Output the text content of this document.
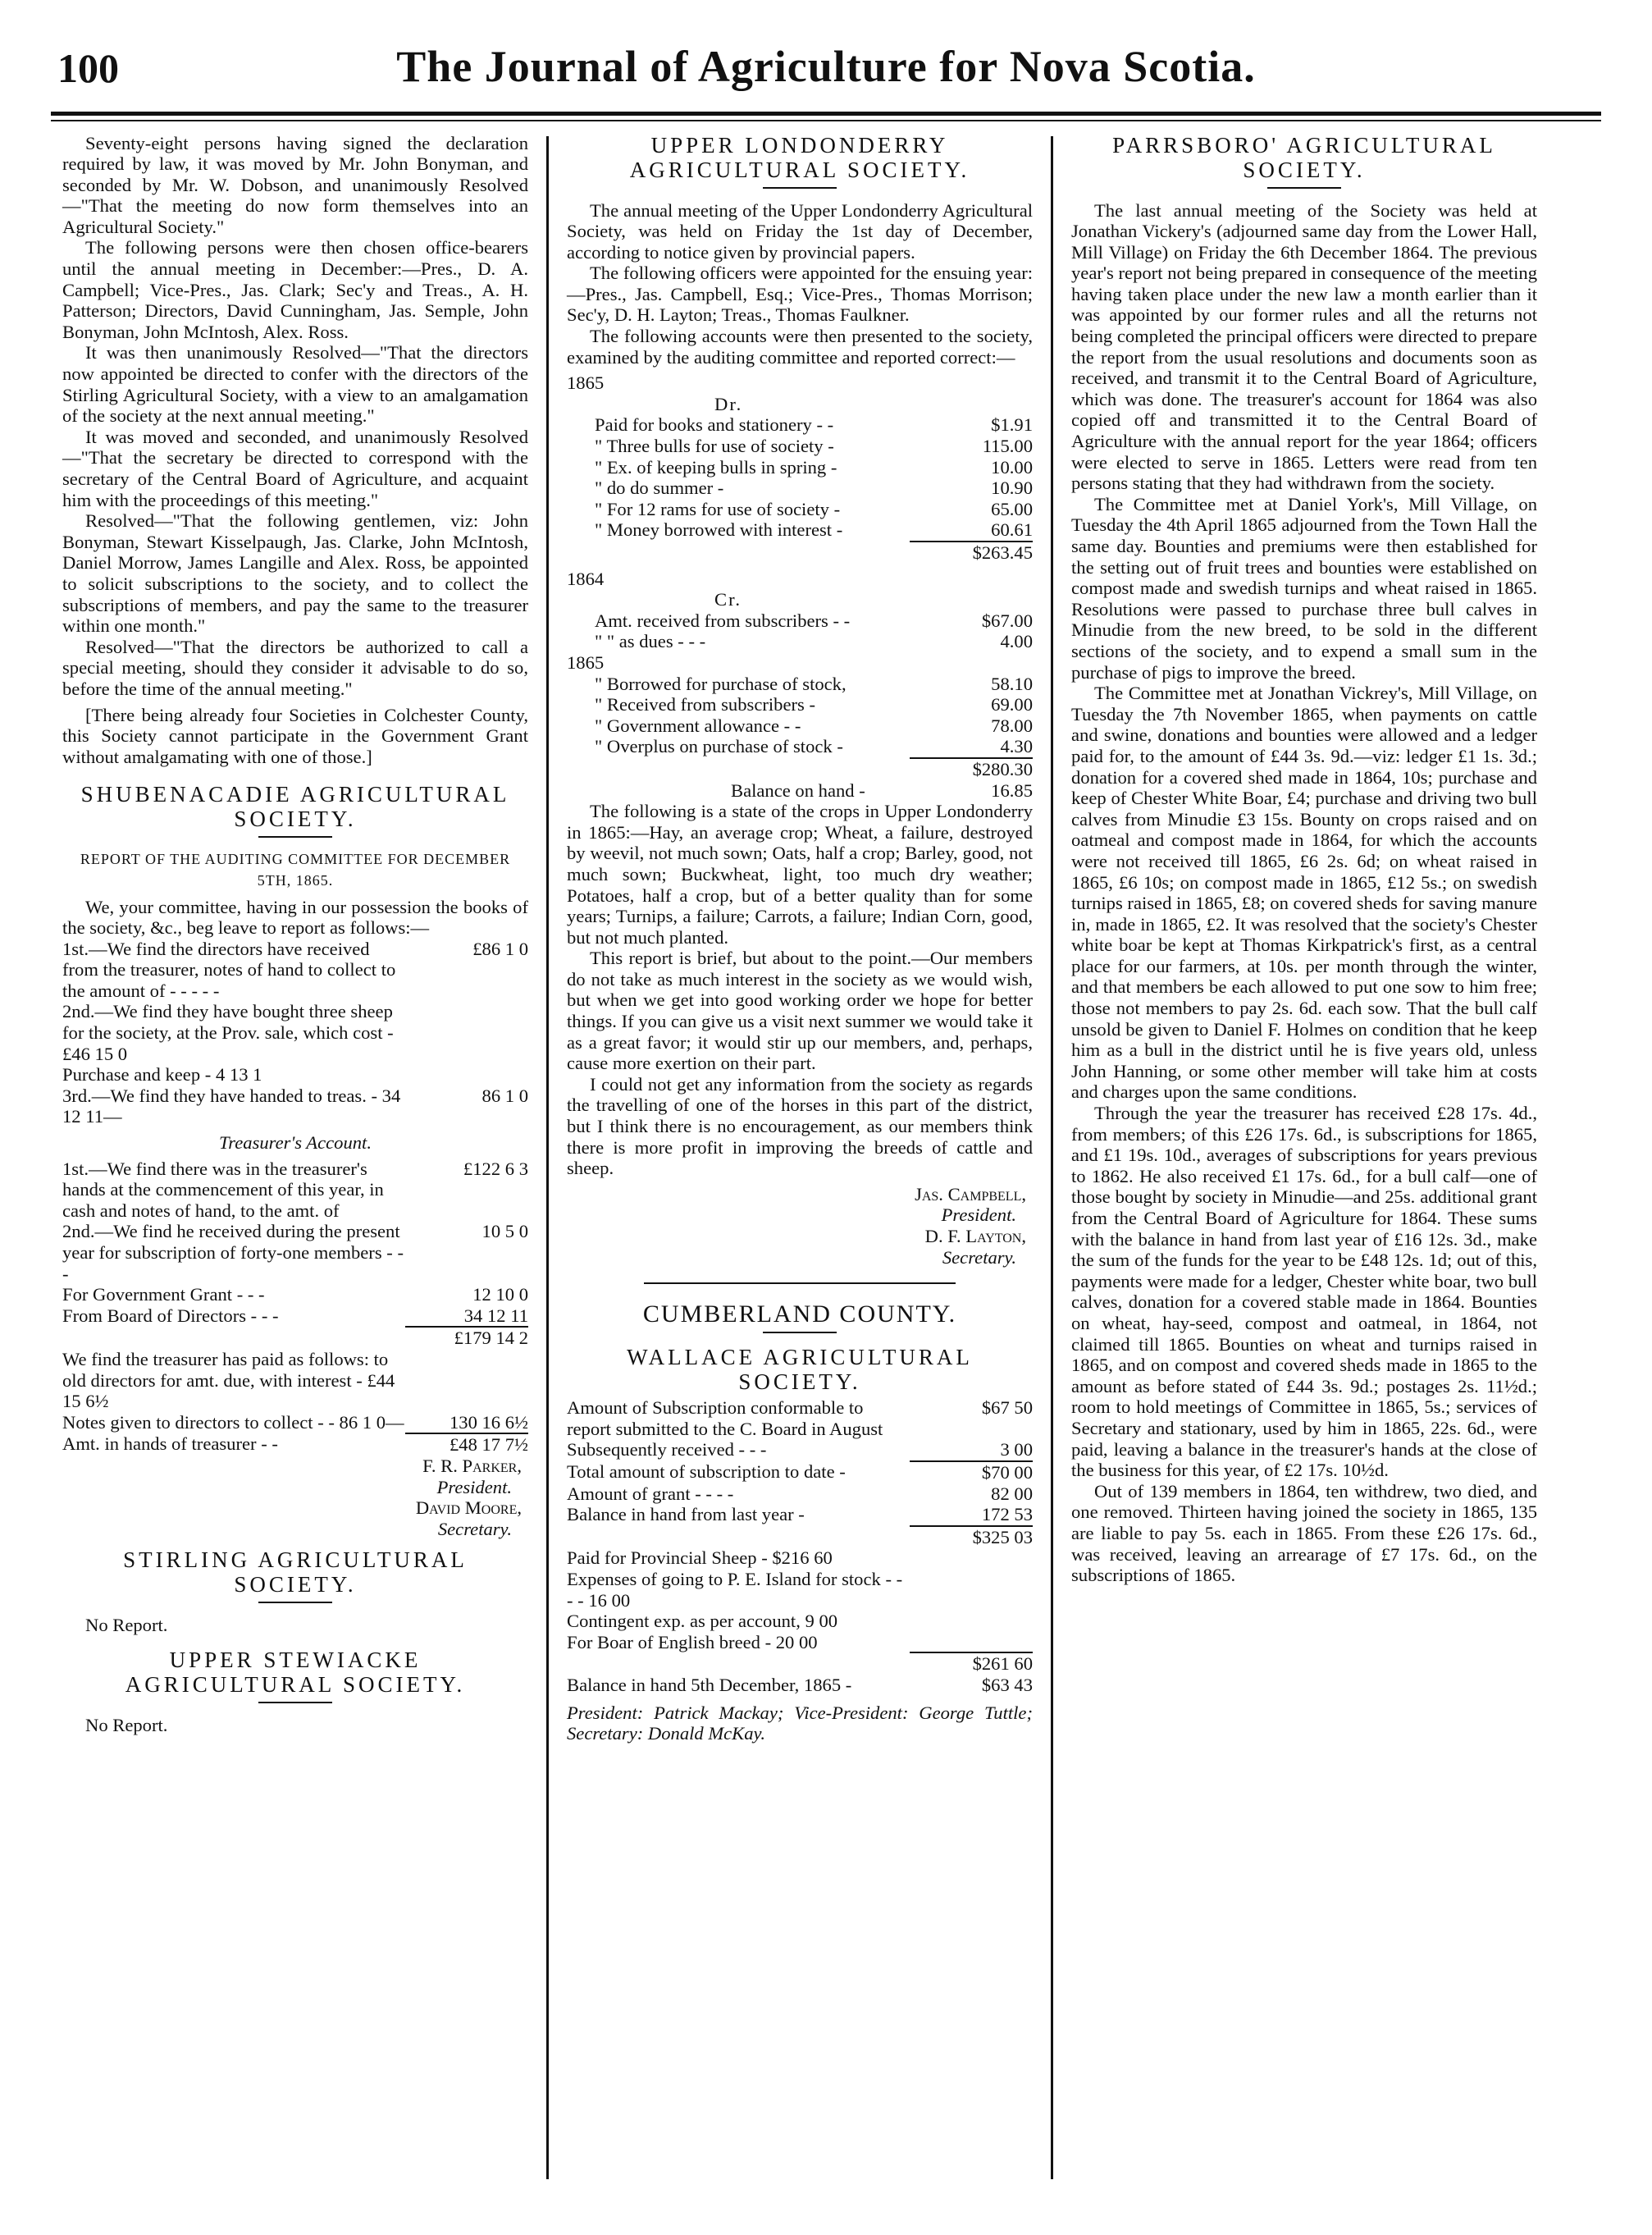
100	The Journal of Agriculture for Nova Scotia.

Seventy-eight persons having signed the declaration required by law, it was moved by Mr. John Bonyman, and seconded by Mr. W. Dobson, and unanimously Resolved—"That the meeting do now form themselves into an Agricultural Society."

The following persons were then chosen office-bearers until the annual meeting in December:—Pres., D. A. Campbell; Vice-Pres., Jas. Clark; Sec'y and Treas., A. H. Patterson; Directors, David Cunningham, Jas. Semple, John Bonyman, John McIntosh, Alex. Ross.

It was then unanimously Resolved—"That the directors now appointed be directed to confer with the directors of the Stirling Agricultural Society, with a view to an amalgamation of the society at the next annual meeting."

It was moved and seconded, and unanimously Resolved—"That the secretary be directed to correspond with the secretary of the Central Board of Agriculture, and acquaint him with the proceedings of this meeting."

Resolved—"That the following gentlemen, viz: John Bonyman, Stewart Kisselpaugh, Jas. Clarke, John McIntosh, Daniel Morrow, James Langille and Alex. Ross, be appointed to solicit subscriptions to the society, and to collect the subscriptions of members, and pay the same to the treasurer within one month."

Resolved—"That the directors be authorized to call a special meeting, should they consider it advisable to do so, before the time of the annual meeting."

[There being already four Societies in Colchester County, this Society cannot participate in the Government Grant without amalgamating with one of those.]

SHUBENACADIE AGRICULTURAL SOCIETY.
REPORT OF THE AUDITING COMMITTEE FOR DECEMBER 5TH, 1865.

We, your committee, having in our possession the books of the society, &c., beg leave to report as follows:—

1st.—We find the directors have received from the treasurer, notes of hand to collect to the amount of - - - - -	£86 1 0
2nd.—We find they have bought three sheep for the society, at the Prov. sale, which cost - £46 15 0	
Purchase and keep - 4 13 1	
3rd.—We find they have handed to treas. - 34 12 11—	86 1 0
Treasurer's Account.
1st.—We find there was in the treasurer's hands at the commencement of this year, in cash and notes of hand, to the amt. of	£122 6 3
2nd.—We find he received during the present year for subscription of forty-one members - - -	10 5 0
For Government Grant - - -	12 10 0
From Board of Directors - - -	34 12 11
	£179 14 2
We find the treasurer has paid as follows: to old directors for amt. due, with interest - £44 15 6½	
Notes given to directors to collect - - 86 1 0—	130 16 6½
Amt. in hands of treasurer - -	£48 17 7½
F. R. Parker,
President.
David Moore,
Secretary.
STIRLING AGRICULTURAL SOCIETY.

No Report.

UPPER STEWIACKE AGRICULTURAL SOCIETY.

No Report.

UPPER LONDONDERRY AGRICULTURAL SOCIETY.

The annual meeting of the Upper Londonderry Agricultural Society, was held on Friday the 1st day of December, according to notice given by provincial papers.

The following officers were appointed for the ensuing year:—Pres., Jas. Campbell, Esq.; Vice-Pres., Thomas Morrison; Sec'y, D. H. Layton; Treas., Thomas Faulkner.

The following accounts were then presented to the society, examined by the auditing committee and reported correct:—

1865	
Dr.	
Paid for books and stationery - -	$1.91
" Three bulls for use of society -	115.00
" Ex. of keeping bulls in spring -	10.00
" do do summer -	10.90
" For 12 rams for use of society -	65.00
" Money borrowed with interest -	60.61
	$263.45
1864	
Cr.	
Amt. received from subscribers - -	$67.00
" " as dues - - -	4.00
1865	
" Borrowed for purchase of stock,	58.10
" Received from subscribers -	69.00
" Government allowance - -	78.00
" Overplus on purchase of stock -	4.30
	$280.30
Balance on hand -	16.85

The following is a state of the crops in Upper Londonderry in 1865:—Hay, an average crop; Wheat, a failure, destroyed by weevil, not much sown; Oats, half a crop; Barley, good, not much sown; Buckwheat, light, too much dry weather; Potatoes, half a crop, but of a better quality than for some years; Turnips, a failure; Carrots, a failure; Indian Corn, good, but not much planted.

This report is brief, but about to the point.—Our members do not take as much interest in the society as we would wish, but when we get into good working order we hope for better things. If you can give us a visit next summer we would take it as a great favor; it would stir up our members, and, perhaps, cause more exertion on their part.

I could not get any information from the society as regards the travelling of one of the horses in this part of the district, but I think there is no encouragement, as our members think there is more profit in improving the breeds of cattle and sheep.

Jas. Campbell,
President.
D. F. Layton,
Secretary.
CUMBERLAND COUNTY.
WALLACE AGRICULTURAL SOCIETY.
Amount of Subscription conformable to report submitted to the C. Board in August	$67 50
Subsequently received - - -	3 00
Total amount of subscription to date -	$70 00
Amount of grant - - - -	82 00
Balance in hand from last year -	172 53
	$325 03
Paid for Provincial Sheep - $216 60	
Expenses of going to P. E. Island for stock - - - - 16 00	
Contingent exp. as per account, 9 00	
For Boar of English breed - 20 00	
	$261 60
Balance in hand 5th December, 1865 -	$63 43

President: Patrick Mackay; Vice-President: George Tuttle; Secretary: Donald McKay.

PARRSBORO' AGRICULTURAL SOCIETY.

The last annual meeting of the Society was held at Jonathan Vickery's (adjourned same day from the Lower Hall, Mill Village) on Friday the 6th December 1864. The previous year's report not being prepared in consequence of the meeting having taken place under the new law a month earlier than it was appointed by our former rules and all the returns not being completed the principal officers were directed to prepare the report from the usual resolutions and documents soon as received, and transmit it to the Central Board of Agriculture, which was done. The treasurer's account for 1864 was also copied off and transmitted it to the Central Board of Agriculture with the annual report for the year 1864; officers were elected to serve in 1865. Letters were read from ten persons stating that they had withdrawn from the society.

The Committee met at Daniel York's, Mill Village, on Tuesday the 4th April 1865 adjourned from the Town Hall the same day. Bounties and premiums were then established for the setting out of fruit trees and bounties were established on compost made and swedish turnips and wheat raised in 1865. Resolutions were passed to purchase three bull calves in Minudie from the new breed, to be sold in the different sections of the society, and to expend a small sum in the purchase of pigs to improve the breed.

The Committee met at Jonathan Vickrey's, Mill Village, on Tuesday the 7th November 1865, when payments on cattle and swine, donations and bounties were allowed and a ledger paid for, to the amount of £44 3s. 9d.—viz: ledger £1 1s. 3d.; donation for a covered shed made in 1864, 10s; purchase and keep of Chester White Boar, £4; purchase and driving two bull calves from Minudie £3 15s. Bounty on crops raised and on oatmeal and compost made in 1864, for which the accounts were not received till 1865, £6 2s. 6d; on wheat raised in 1865, £6 10s; on compost made in 1865, £12 5s.; on swedish turnips raised in 1865, £8; on covered sheds for saving manure in, made in 1865, £2. It was resolved that the society's Chester white boar be kept at Thomas Kirkpatrick's first, as a central place for our farmers, at 10s. per month through the winter, and that members be each allowed to put one sow to him free; those not members to pay 2s. 6d. each sow. That the bull calf unsold be given to Daniel F. Holmes on condition that he keep him as a bull in the district until he is five years old, unless John Hanning, or some other member will take him at costs and charges upon the same conditions.

Through the year the treasurer has received £28 17s. 4d., from members; of this £26 17s. 6d., is subscriptions for 1865, and £1 19s. 10d., averages of subscriptions for years previous to 1862. He also received £1 17s. 6d., for a bull calf—one of those bought by society in Minudie—and 25s. additional grant from the Central Board of Agriculture for 1864. These sums with the balance in hand from last year of £16 12s. 3d., make the sum of the funds for the year to be £48 12s. 1d; out of this, payments were made for a ledger, Chester white boar, two bull calves, donation for a covered stable made in 1864. Bounties on wheat, hay-seed, compost and oatmeal, in 1864, not claimed till 1865. Bounties on wheat and turnips raised in 1865, and on compost and covered sheds made in 1865 to the amount as before stated of £44 3s. 9d.; postages 2s. 11½d.; room to hold meetings of Committee in 1865, 5s.; services of Secretary and stationary, used by him in 1865, 22s. 6d., were paid, leaving a balance in the treasurer's hands at the close of the business for this year, of £2 17s. 10½d.

Out of 139 members in 1864, ten withdrew, two died, and one removed. Thirteen having joined the society in 1865, 135 are liable to pay 5s. each in 1865. From these £26 17s. 6d., was received, leaving an arrearage of £7 17s. 6d., on the subscriptions of 1865.
